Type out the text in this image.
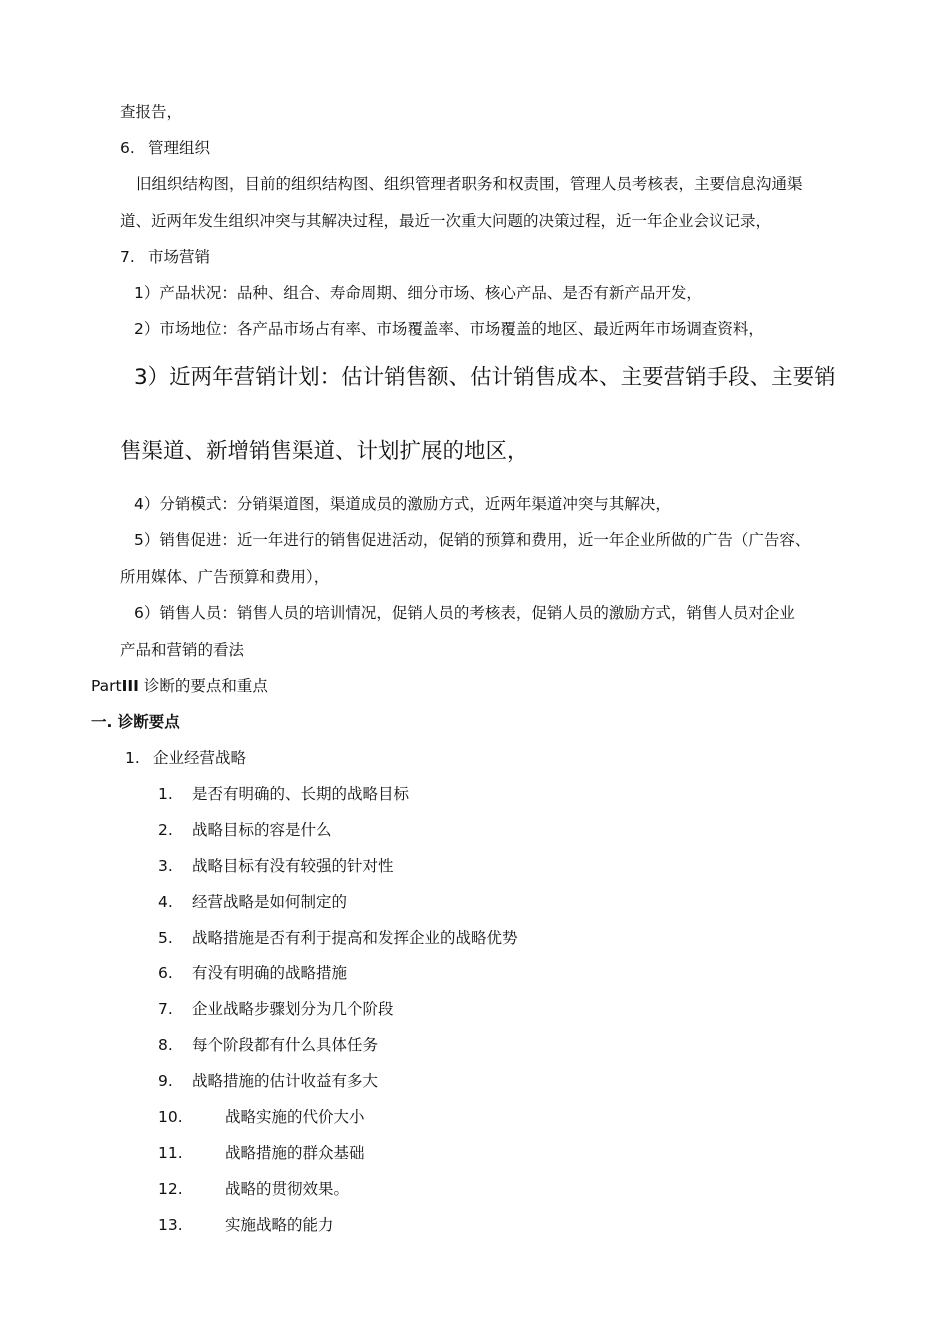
查报告，
6. 管理组织
旧组织结构图，目前的组织结构图、组织管理者职务和权责围，管理人员考核表，主要信息沟通渠
道、近两年发生组织冲突与其解决过程，最近一次重大问题的决策过程，近一年企业会议记录，
7. 市场营销
1）产品状况：品种、组合、寿命周期、细分市场、核心产品、是否有新产品开发，
2）市场地位：各产品市场占有率、市场覆盖率、市场覆盖的地区、最近两年市场调查资料，
3）近两年营销计划：估计销售额、估计销售成本、主要营销手段、主要销
售渠道、新增销售渠道、计划扩展的地区，
4）分销模式：分销渠道图，渠道成员的激励方式，近两年渠道冲突与其解决，
5）销售促进：近一年进行的销售促进活动，促销的预算和费用，近一年企业所做的广告（广告容、
所用媒体、广告预算和费用），
6）销售人员：销售人员的培训情况，促销人员的考核表，促销人员的激励方式，销售人员对企业
产品和营销的看法
PartIII 诊断的要点和重点
一. 诊断要点
1. 企业经营战略
1. 是否有明确的、长期的战略目标
2. 战略目标的容是什么
3. 战略目标有没有较强的针对性
4. 经营战略是如何制定的
5. 战略措施是否有利于提高和发挥企业的战略优势
6. 有没有明确的战略措施
7. 企业战略步骤划分为几个阶段
8. 每个阶段都有什么具体任务
9. 战略措施的估计收益有多大
10.	战略实施的代价大小
11.	战略措施的群众基础
12.	战略的贯彻效果。
13.	实施战略的能力
